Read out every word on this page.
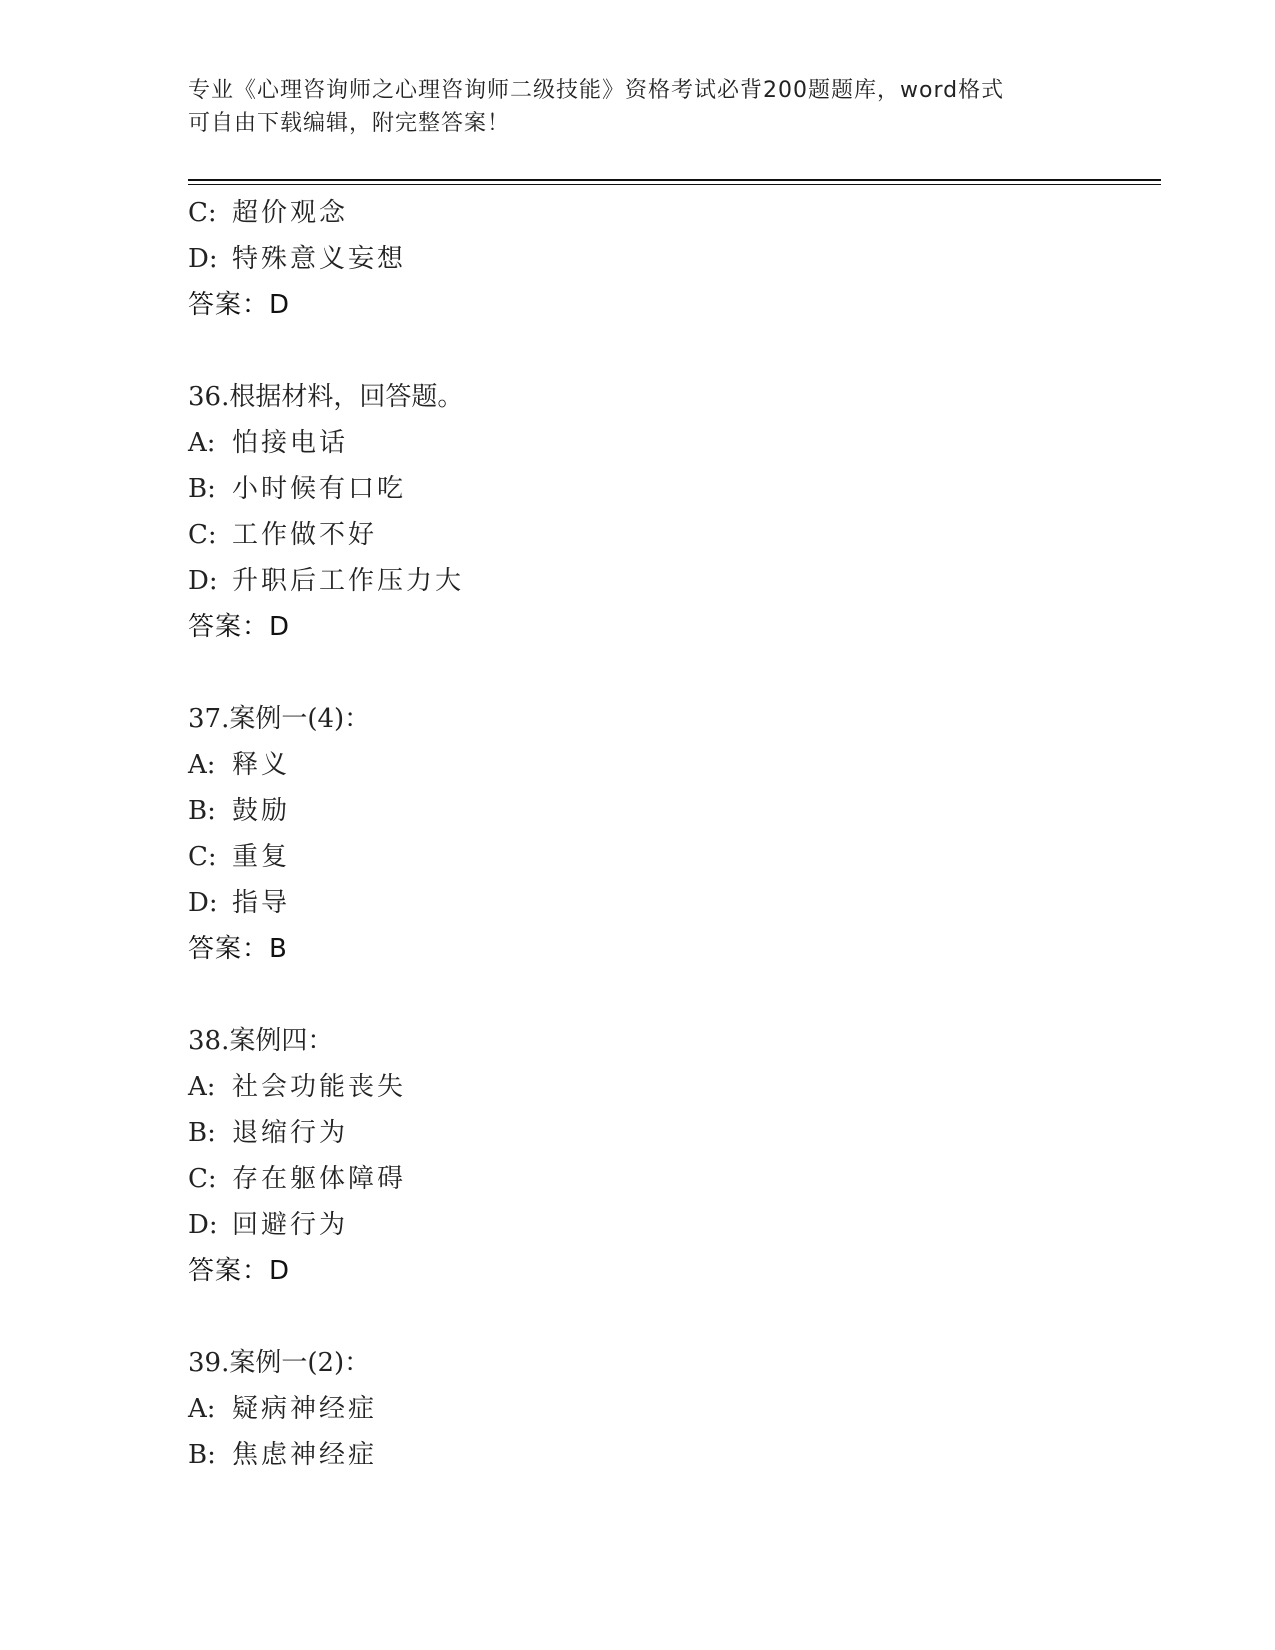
专业《心理咨询师之心理咨询师二级技能》资格考试必背200题题库，word格式
可自由下载编辑，附完整答案！
C: 超价观念
D: 特殊意义妄想
答案：D
36.根据材料，回答题。
A: 怕接电话
B: 小时候有口吃
C: 工作做不好
D: 升职后工作压力大
答案：D
37.案例一(4)：
A: 释义
B: 鼓励
C: 重复
D: 指导
答案：B
38.案例四：
A: 社会功能丧失
B: 退缩行为
C: 存在躯体障碍
D: 回避行为
答案：D
39.案例一(2)：
A: 疑病神经症
B: 焦虑神经症
